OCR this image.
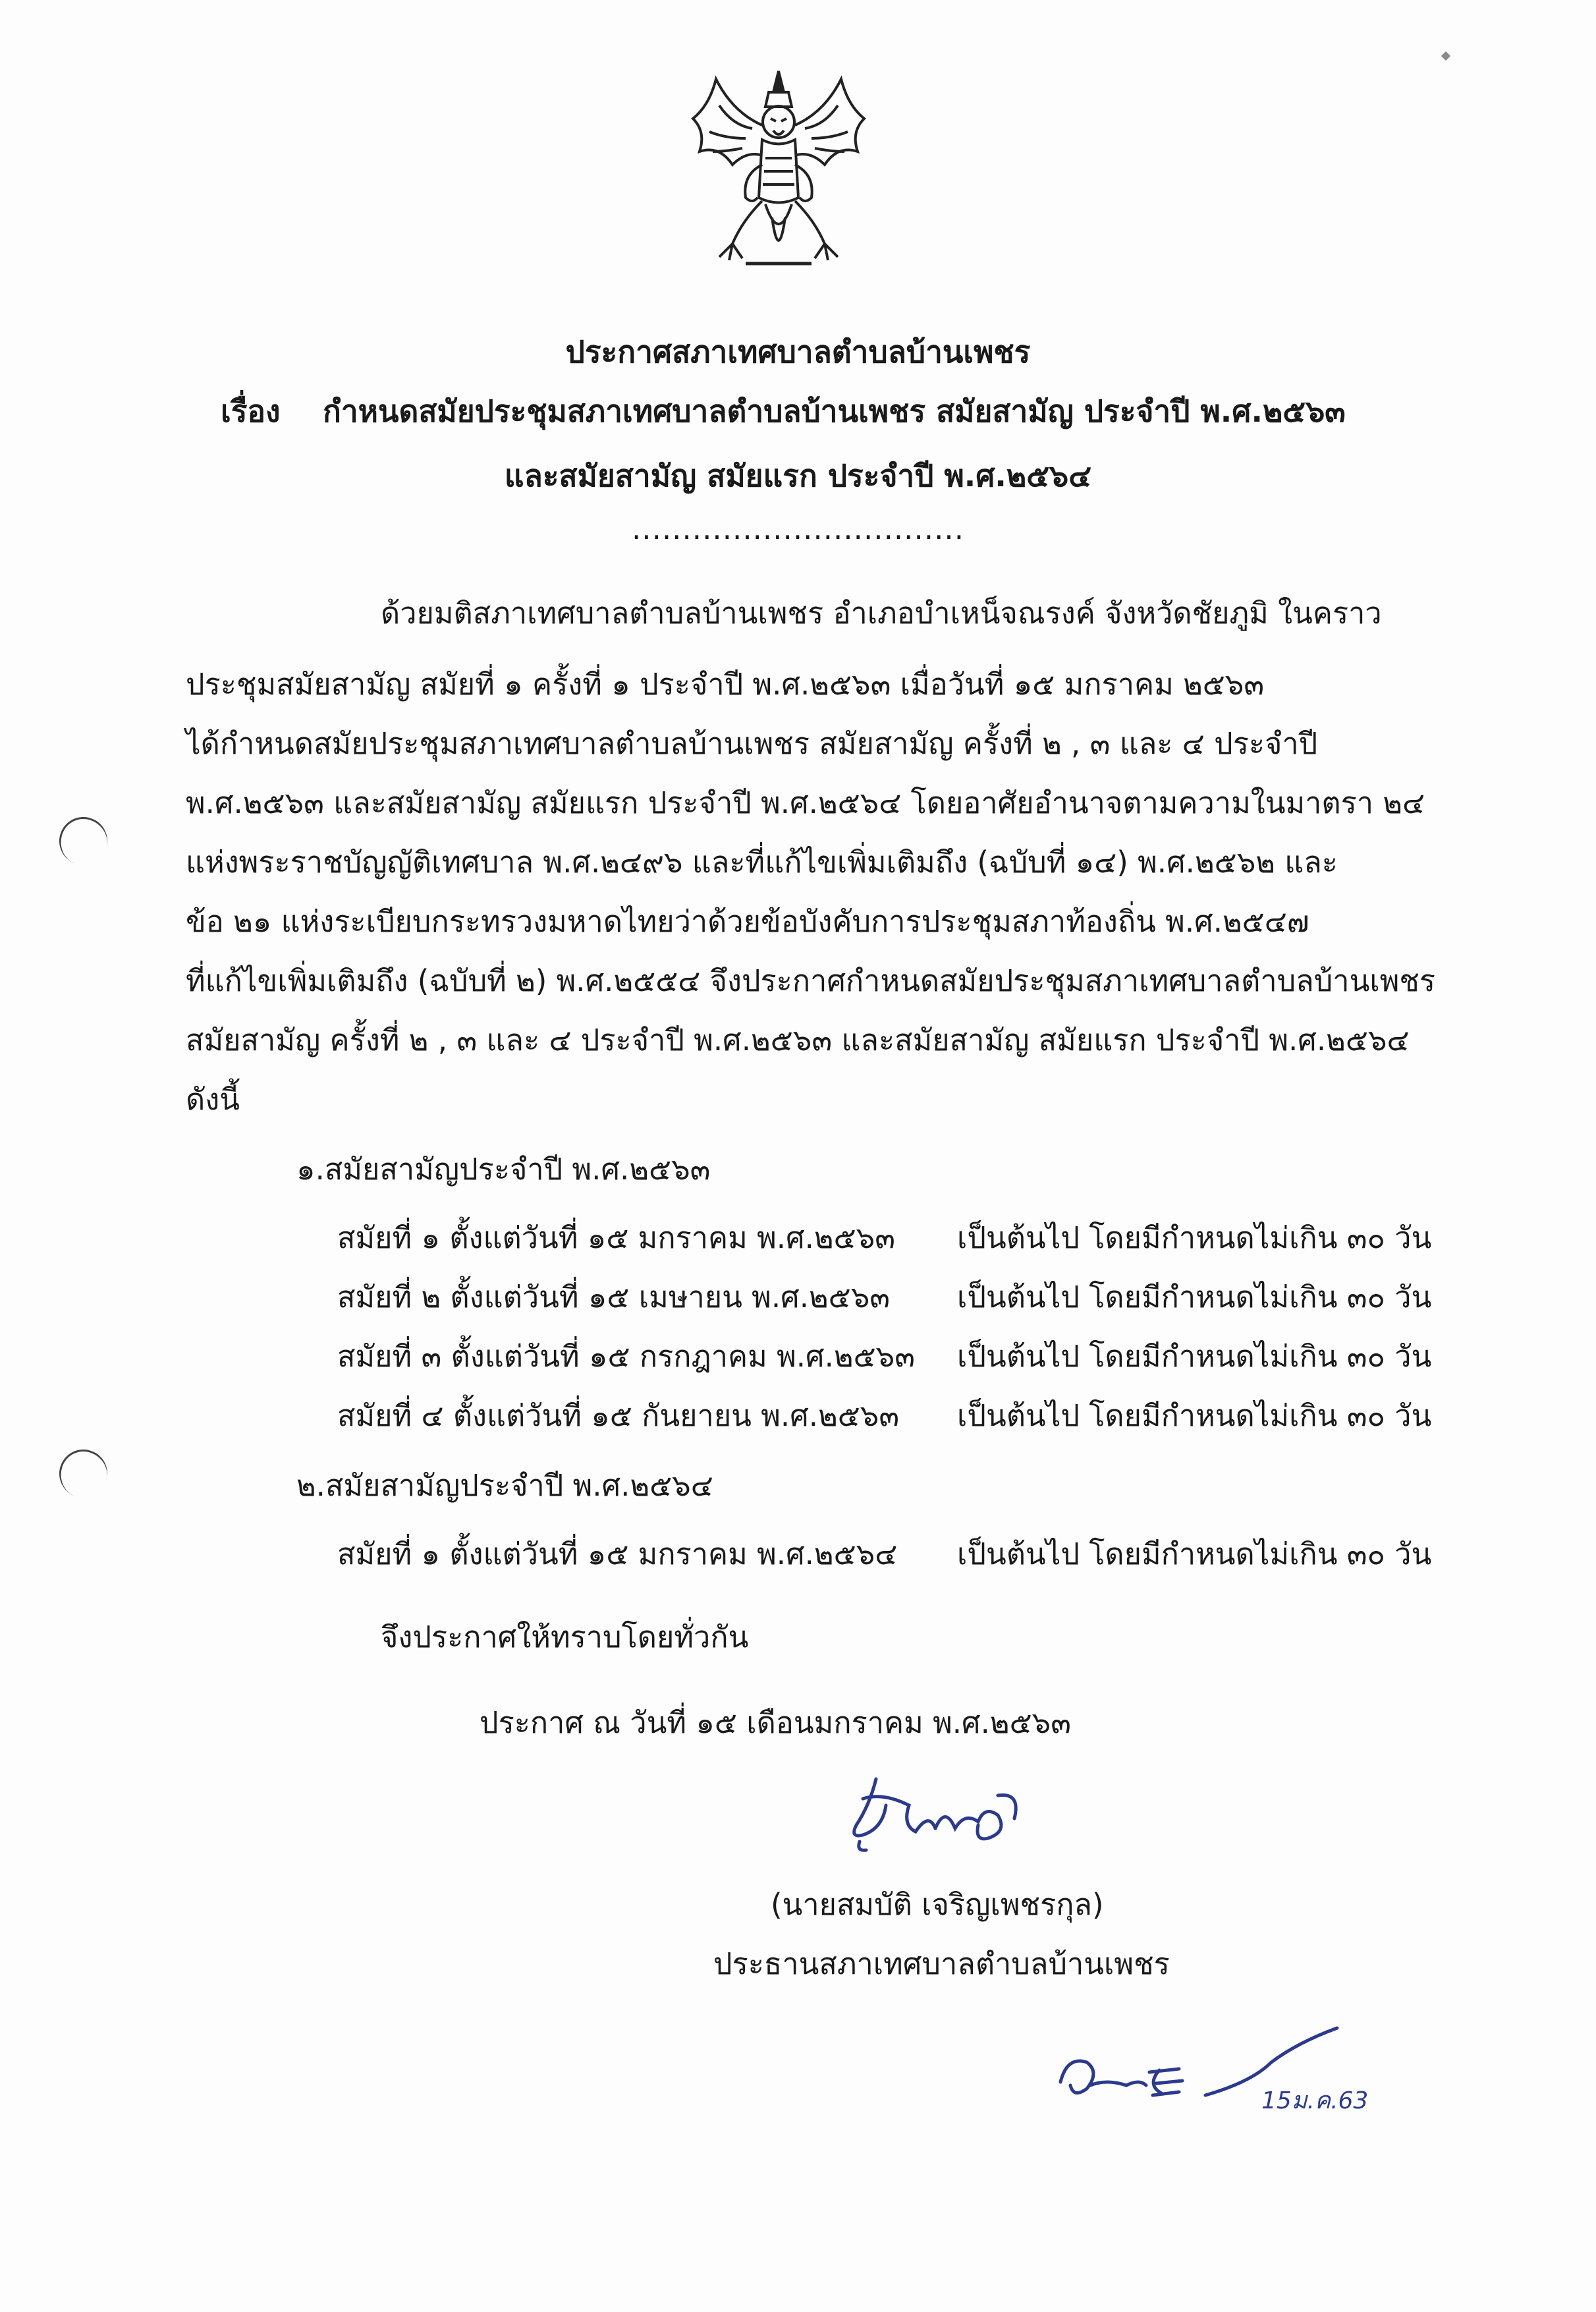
ประกาศสภาเทศบาลตำบลบ้านเพชร
เรื่อง กำหนดสมัยประชุมสภาเทศบาลตำบลบ้านเพชร สมัยสามัญ ประจำปี พ.ศ.๒๕๖๓
และสมัยสามัญ สมัยแรก ประจำปี พ.ศ.๒๕๖๔
.................................
ด้วยมติสภาเทศบาลตำบลบ้านเพชร อำเภอบำเหน็จณรงค์ จังหวัดชัยภูมิ ในคราว
ประชุมสมัยสามัญ สมัยที่ ๑ ครั้งที่ ๑ ประจำปี พ.ศ.๒๕๖๓ เมื่อวันที่ ๑๕ มกราคม ๒๕๖๓
ได้กำหนดสมัยประชุมสภาเทศบาลตำบลบ้านเพชร สมัยสามัญ ครั้งที่ ๒ , ๓ และ ๔ ประจำปี
พ.ศ.๒๕๖๓ และสมัยสามัญ สมัยแรก ประจำปี พ.ศ.๒๕๖๔ โดยอาศัยอำนาจตามความในมาตรา ๒๔
แห่งพระราชบัญญัติเทศบาล พ.ศ.๒๔๙๖ และที่แก้ไขเพิ่มเติมถึง (ฉบับที่ ๑๔) พ.ศ.๒๕๖๒ และ
ข้อ ๒๑ แห่งระเบียบกระทรวงมหาดไทยว่าด้วยข้อบังคับการประชุมสภาท้องถิ่น พ.ศ.๒๕๔๗
ที่แก้ไขเพิ่มเติมถึง (ฉบับที่ ๒) พ.ศ.๒๕๕๔ จึงประกาศกำหนดสมัยประชุมสภาเทศบาลตำบลบ้านเพชร
สมัยสามัญ ครั้งที่ ๒ , ๓ และ ๔ ประจำปี พ.ศ.๒๕๖๓ และสมัยสามัญ สมัยแรก ประจำปี พ.ศ.๒๕๖๔
ดังนี้
๑.สมัยสามัญประจำปี พ.ศ.๒๕๖๓
สมัยที่ ๑ ตั้งแต่วันที่ ๑๕ มกราคม พ.ศ.๒๕๖๓ เป็นต้นไป โดยมีกำหนดไม่เกิน ๓๐ วัน
สมัยที่ ๒ ตั้งแต่วันที่ ๑๕ เมษายน พ.ศ.๒๕๖๓ เป็นต้นไป โดยมีกำหนดไม่เกิน ๓๐ วัน
สมัยที่ ๓ ตั้งแต่วันที่ ๑๕ กรกฎาคม พ.ศ.๒๕๖๓ เป็นต้นไป โดยมีกำหนดไม่เกิน ๓๐ วัน
สมัยที่ ๔ ตั้งแต่วันที่ ๑๕ กันยายน พ.ศ.๒๕๖๓ เป็นต้นไป โดยมีกำหนดไม่เกิน ๓๐ วัน
๒.สมัยสามัญประจำปี พ.ศ.๒๕๖๔
สมัยที่ ๑ ตั้งแต่วันที่ ๑๕ มกราคม พ.ศ.๒๕๖๔ เป็นต้นไป โดยมีกำหนดไม่เกิน ๓๐ วัน
จึงประกาศให้ทราบโดยทั่วกัน
ประกาศ ณ วันที่ ๑๕ เดือนมกราคม พ.ศ.๒๕๖๓
(นายสมบัติ เจริญเพชรกุล)
ประธานสภาเทศบาลตำบลบ้านเพชร
15ม.ค.63
